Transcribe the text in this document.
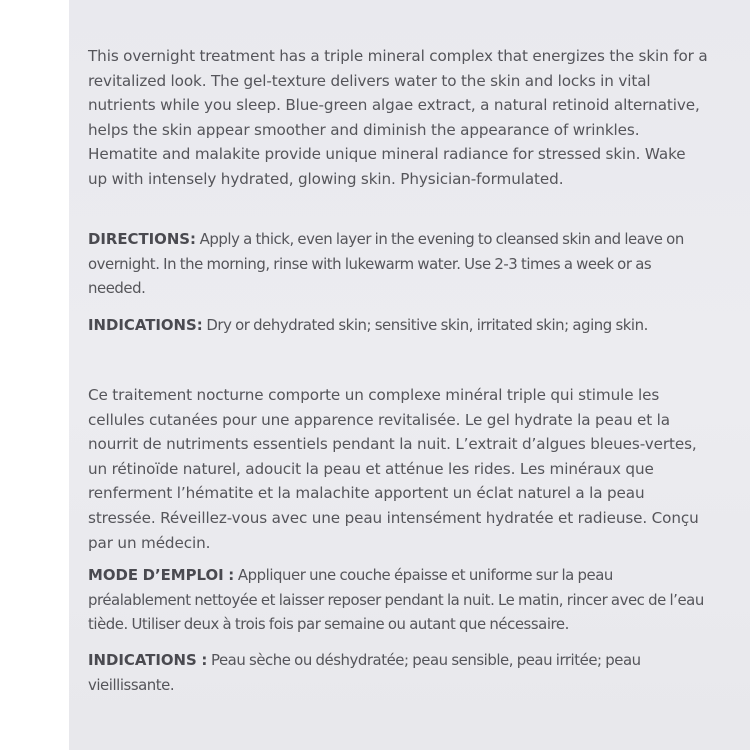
This overnight treatment has a triple mineral complex that energizes the skin for a revitalized look. The gel-texture delivers water to the skin and locks in vital nutrients while you sleep. Blue-green algae extract, a natural retinoid alternative, helps the skin appear smoother and diminish the appearance of wrinkles. Hematite and malakite provide unique mineral radiance for stressed skin. Wake up with intensely hydrated, glowing skin. Physician-formulated.

DIRECTIONS: Apply a thick, even layer in the evening to cleansed skin and leave on overnight. In the morning, rinse with lukewarm water. Use 2-3 times a week or as needed.

INDICATIONS: Dry or dehydrated skin; sensitive skin, irritated skin; aging skin.

Ce traitement nocturne comporte un complexe minéral triple qui stimule les cellules cutanées pour une apparence revitalisée. Le gel hydrate la peau et la nourrit de nutriments essentiels pendant la nuit. L’extrait d’algues bleues-vertes, un rétinoïde naturel, adoucit la peau et atténue les rides. Les minéraux que renferment l’hématite et la malachite apportent un éclat naturel a la peau stressée. Réveillez-vous avec une peau intensément hydratée et radieuse. Conçu par un médecin.

MODE D’EMPLOI : Appliquer une couche épaisse et uniforme sur la peau préalablement nettoyée et laisser reposer pendant la nuit. Le matin, rincer avec de l’eau tiède. Utiliser deux à trois fois par semaine ou autant que nécessaire.

INDICATIONS : Peau sèche ou déshydratée; peau sensible, peau irritée; peau vieillissante.
